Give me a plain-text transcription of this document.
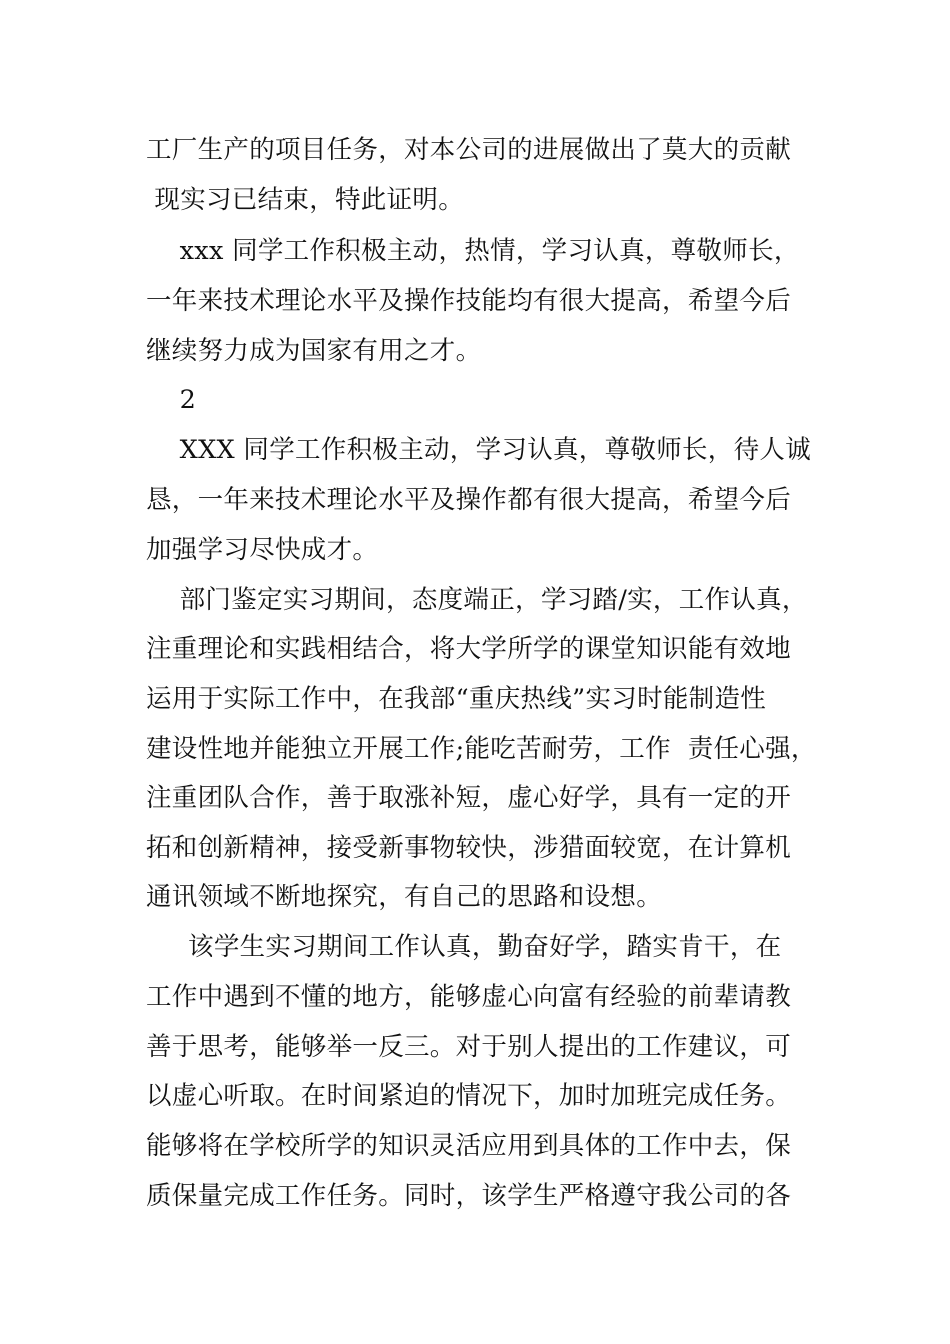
工厂生产的项目任务，对本公司的进展做出了莫大的贡献
现实习已结束，特此证明。
xxx 同学工作积极主动，热情，学习认真，尊敬师长，
一年来技术理论水平及操作技能均有很大提高，希望今后
继续努力成为国家有用之才。
2
XXX 同学工作积极主动，学习认真，尊敬师长，待人诚
恳，一年来技术理论水平及操作都有很大提高，希望今后
加强学习尽快成才。
部门鉴定实习期间，态度端正，学习踏/实，工作认真，
注重理论和实践相结合，将大学所学的课堂知识能有效地
运用于实际工作中，在我部“重庆热线”实习时能制造性
建设性地并能独立开展工作;能吃苦耐劳，工作  责任心强，
注重团队合作，善于取涨补短，虚心好学，具有一定的开
拓和创新精神，接受新事物较快，涉猎面较宽，在计算机
通讯领域不断地探究，有自己的思路和设想。
该学生实习期间工作认真，勤奋好学，踏实肯干，在
工作中遇到不懂的地方，能够虚心向富有经验的前辈请教
善于思考，能够举一反三。对于别人提出的工作建议，可
以虚心听取。在时间紧迫的情况下，加时加班完成任务。
能够将在学校所学的知识灵活应用到具体的工作中去，保
质保量完成工作任务。同时，该学生严格遵守我公司的各
